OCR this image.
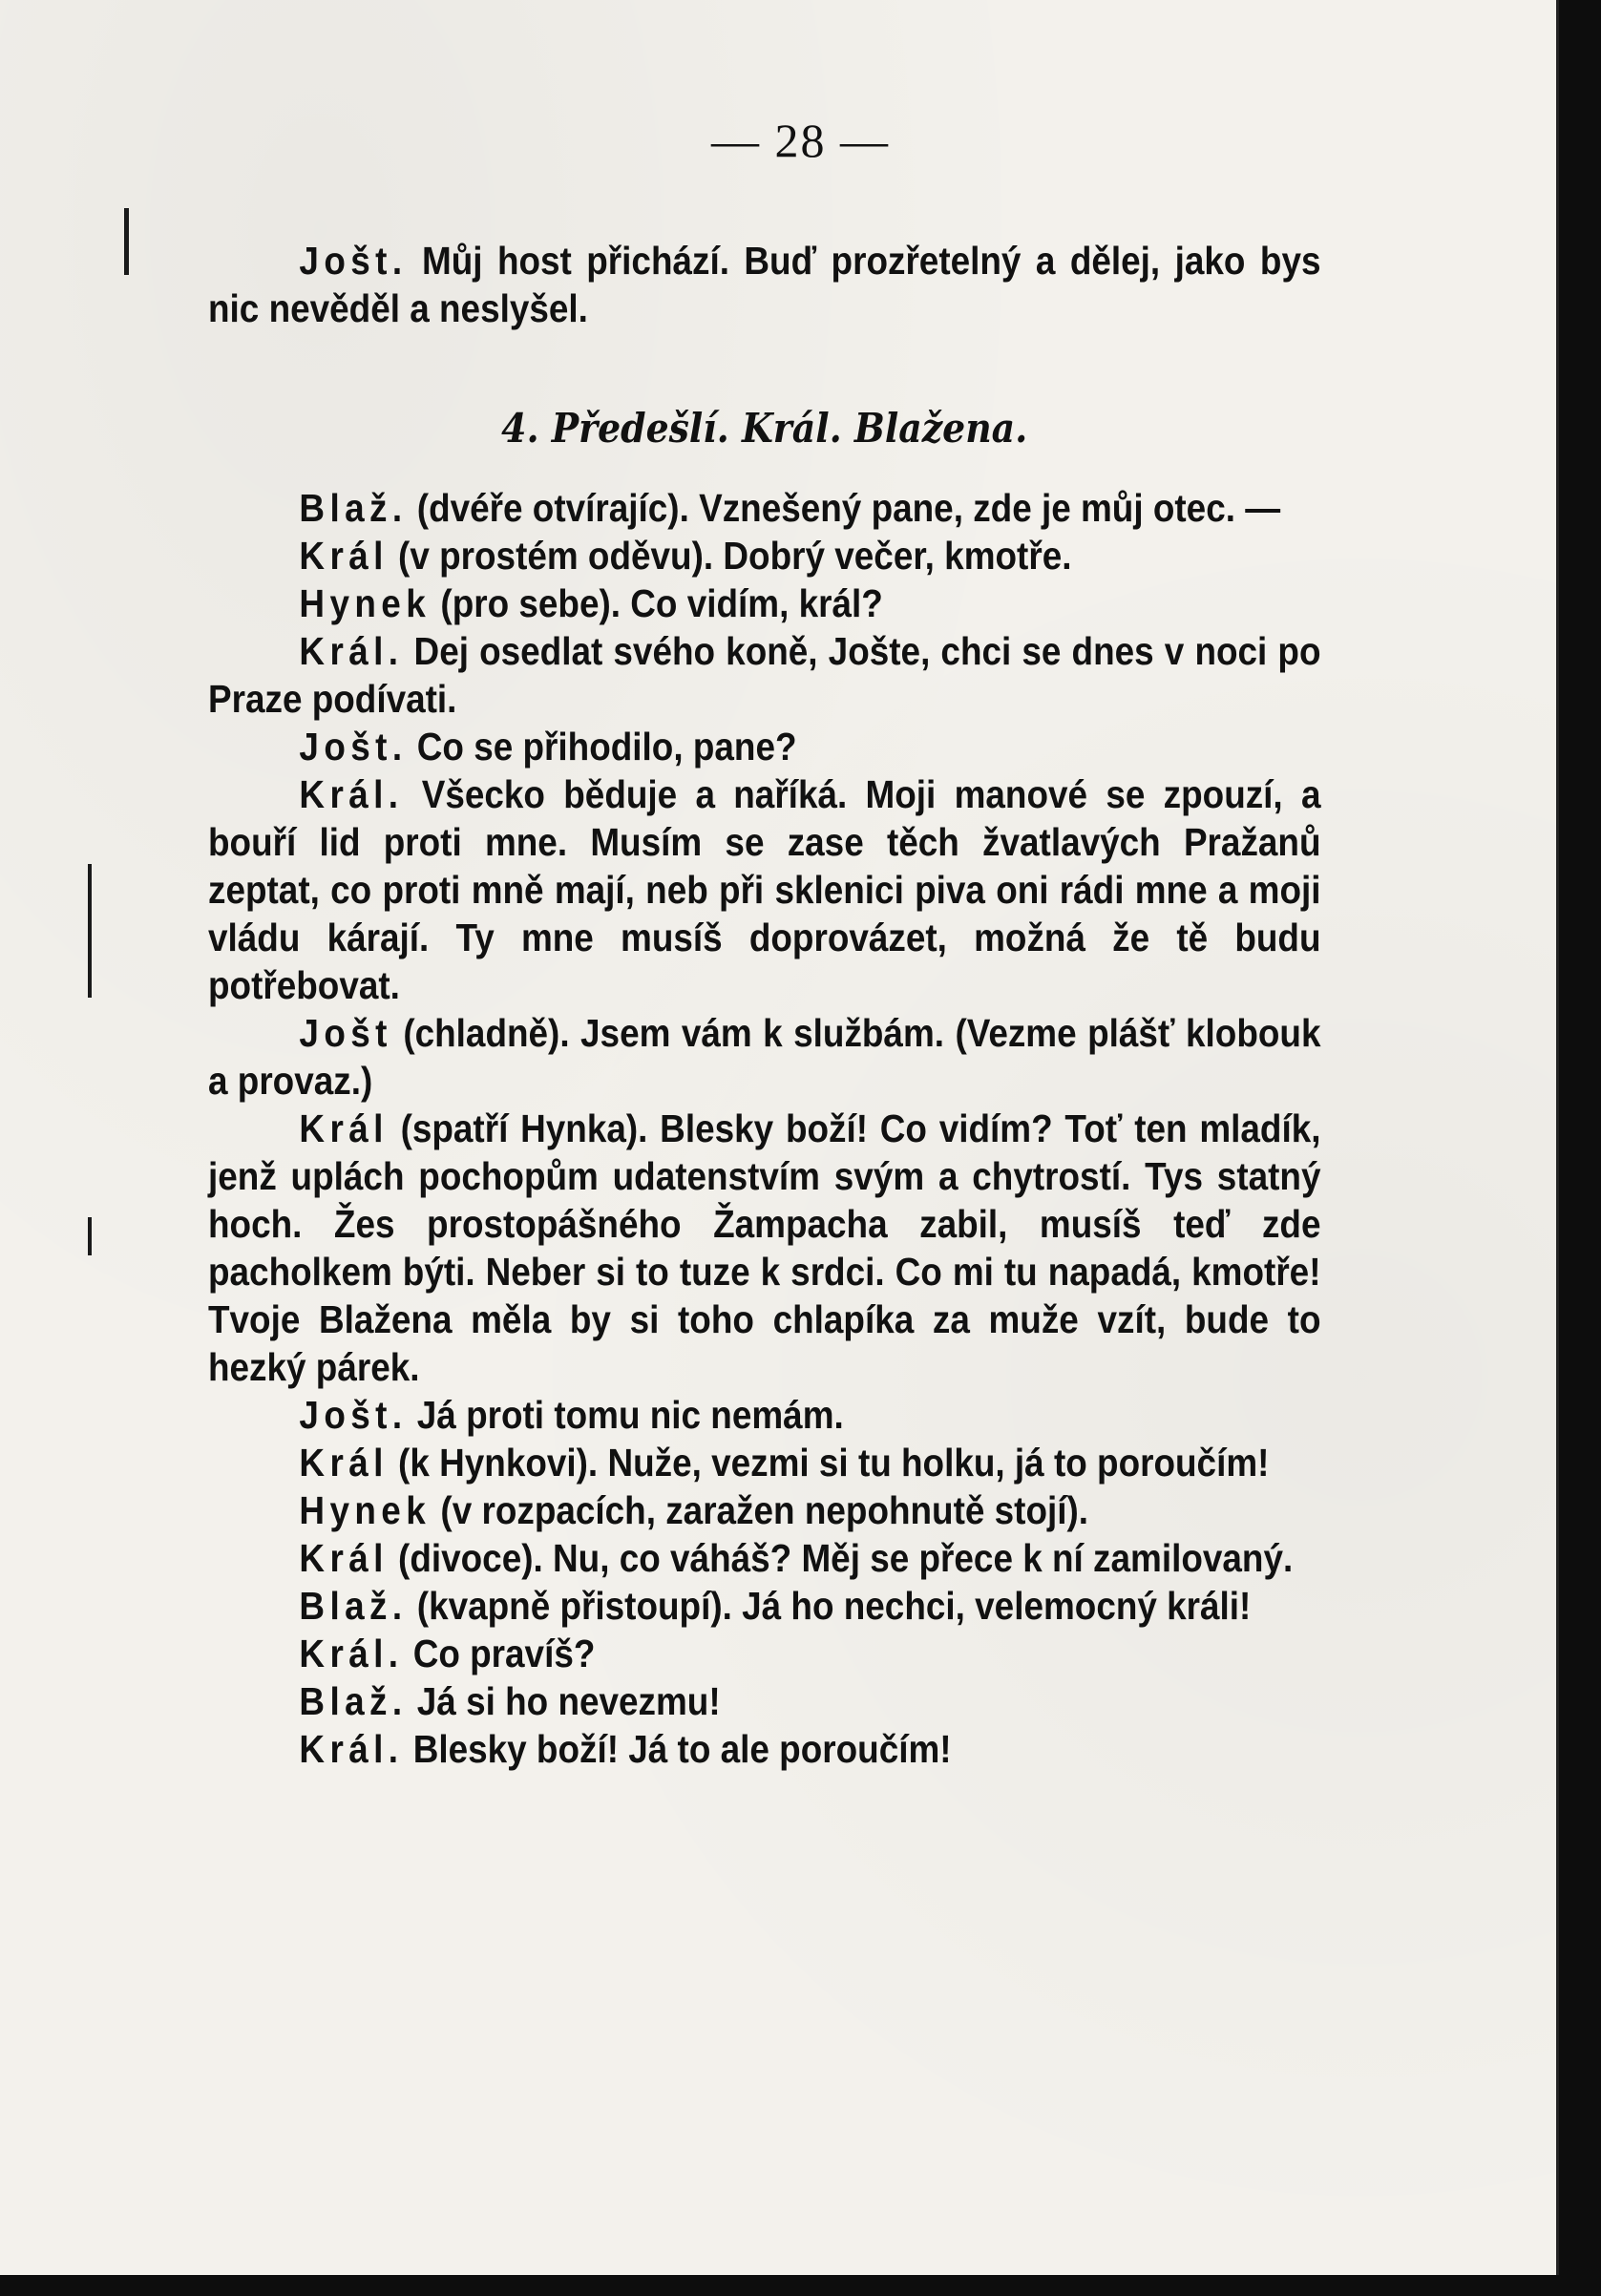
— 28 —

Jošt. Můj host přichází. Buď prozřetelný a dělej, jako bys nic nevěděl a neslyšel.

4. Předešlí. Král. Blažena.

Blaž. (dvéře otvírajíc). Vznešený pane, zde je můj otec. —

Král (v prostém oděvu). Dobrý večer, kmotře.

Hynek (pro sebe). Co vidím, král?

Král. Dej osedlat svého koně, Jošte, chci se dnes v noci po Praze podívati.

Jošt. Co se přihodilo, pane?

Král. Všecko běduje a naříká. Moji manové se zpouzí, a bouří lid proti mne. Musím se zase těch žvatlavých Pražanů zeptat, co proti mně mají, neb při sklenici piva oni rádi mne a moji vládu kárají. Ty mne musíš doprovázet, možná že tě budu potřebovat.

Jošt (chladně). Jsem vám k službám. (Vezme plášť klobouk a provaz.)

Král (spatří Hynka). Blesky boží! Co vidím? Toť ten mladík, jenž uplách pochopům udatenstvím svým a chytrostí. Tys statný hoch. Žes prostopášného Žampacha zabil, musíš teď zde pacholkem býti. Neber si to tuze k srdci. Co mi tu napadá, kmotře! Tvoje Blažena měla by si toho chlapíka za muže vzít, bude to hezký párek.

Jošt. Já proti tomu nic nemám.

Král (k Hynkovi). Nuže, vezmi si tu holku, já to poroučím!

Hynek (v rozpacích, zaražen nepohnutě stojí).

Král (divoce). Nu, co váháš? Měj se přece k ní zamilovaný.

Blaž. (kvapně přistoupí). Já ho nechci, velemocný králi!

Král. Co pravíš?

Blaž. Já si ho nevezmu!

Král. Blesky boží! Já to ale poroučím!
